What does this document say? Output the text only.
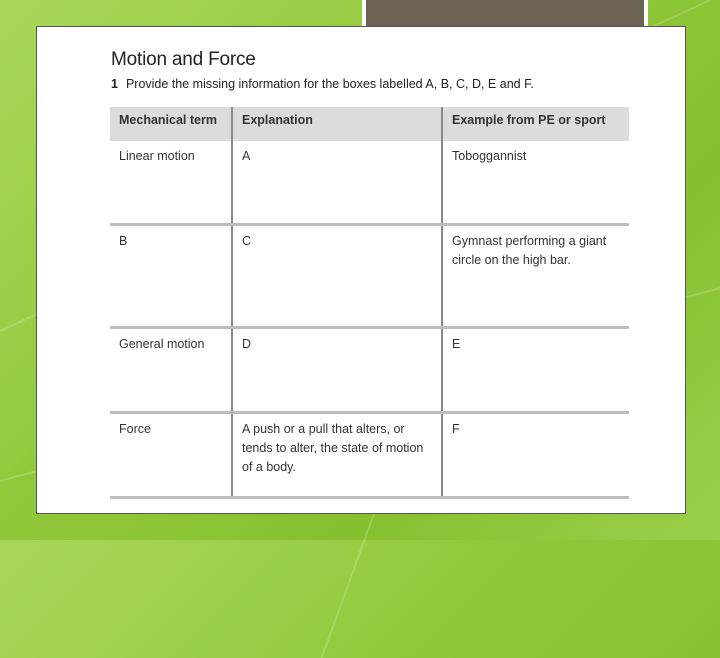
Motion and Force
1 Provide the missing information for the boxes labelled A, B, C, D, E and F.
Mechanical term	Explanation	Example from PE or sport
Linear motion	A	Toboggannist
B	C	Gymnast performing a giant circle on the high bar.
General motion	D	E
Force	A push or a pull that alters, or tends to alter, the state of motion of a body.	F
